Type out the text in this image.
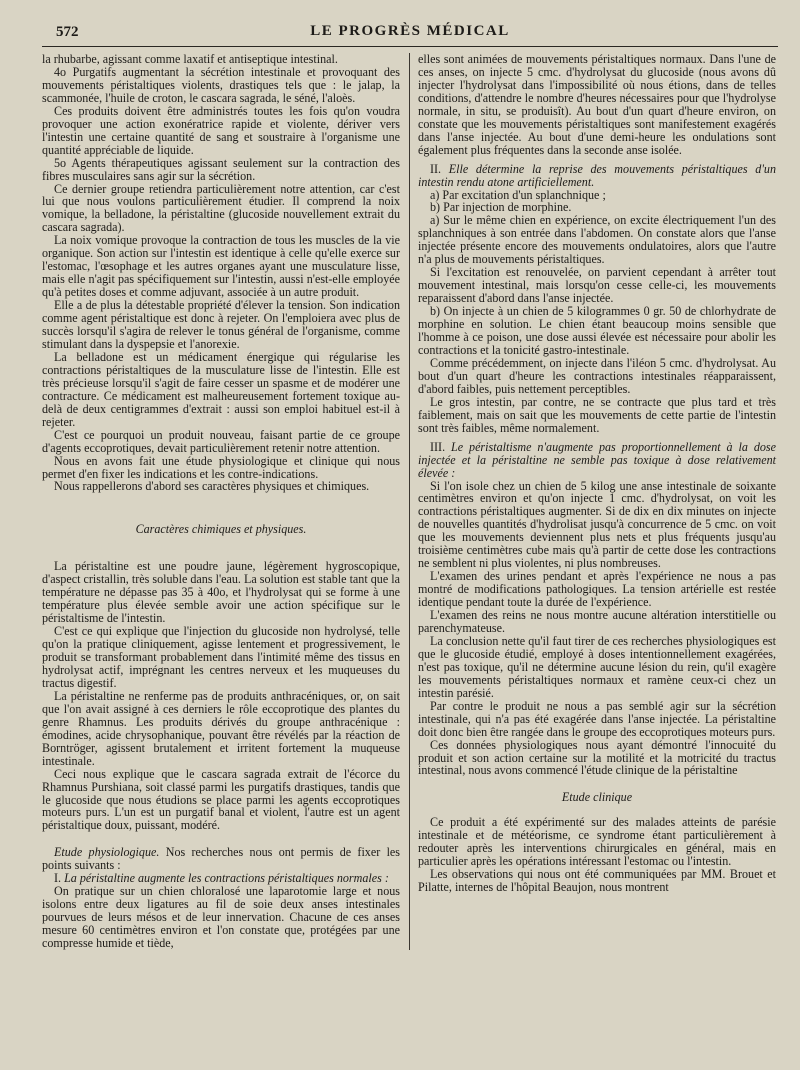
572	LE PROGRÈS MÉDICAL

la rhubarbe, agissant comme laxatif et antiseptique intestinal.

4o Purgatifs augmentant la sécrétion intestinale et provoquant des mouvements péristaltiques violents, drastiques tels que : le jalap, la scammonée, l'huile de croton, le cascara sagrada, le séné, l'aloès.

Ces produits doivent être administrés toutes les fois qu'on voudra provoquer une action exonératrice rapide et violente, dériver vers l'intestin une certaine quantité de sang et soustraire à l'organisme une quantité appréciable de liquide.

5o Agents thérapeutiques agissant seulement sur la contraction des fibres musculaires sans agir sur la sécrétion.

Ce dernier groupe retiendra particulièrement notre attention, car c'est lui que nous voulons particulièrement étudier. Il comprend la noix vomique, la belladone, la péristaltine (glucoside nouvellement extrait du cascara sagrada).

La noix vomique provoque la contraction de tous les muscles de la vie organique. Son action sur l'intestin est identique à celle qu'elle exerce sur l'estomac, l'œsophage et les autres organes ayant une musculature lisse, mais elle n'agit pas spécifiquement sur l'intestin, aussi n'est-elle employée qu'à petites doses et comme adjuvant, associée à un autre produit.

Elle a de plus la détestable propriété d'élever la tension. Son indication comme agent péristaltique est donc à rejeter. On l'emploiera avec plus de succès lorsqu'il s'agira de relever le tonus général de l'organisme, comme stimulant dans la dyspepsie et l'anorexie.

La belladone est un médicament énergique qui régularise les contractions péristaltiques de la musculature lisse de l'intestin. Elle est très précieuse lorsqu'il s'agit de faire cesser un spasme et de modérer une contracture. Ce médicament est malheureusement fortement toxique au-delà de deux centigrammes d'extrait : aussi son emploi habituel est-il à rejeter.

C'est ce pourquoi un produit nouveau, faisant partie de ce groupe d'agents eccoprotiques, devait particulièrement retenir notre attention.

Nous en avons fait une étude physiologique et clinique qui nous permet d'en fixer les indications et les contre-indications.

Nous rappellerons d'abord ses caractères physiques et chimiques.

Caractères chimiques et physiques.

La péristaltine est une poudre jaune, légèrement hygroscopique, d'aspect cristallin, très soluble dans l'eau. La solution est stable tant que la température ne dépasse pas 35 à 40o, et l'hydrolysat qui se forme à une température plus élevée semble avoir une action spécifique sur le péristaltisme de l'intestin.

C'est ce qui explique que l'injection du glucoside non hydrolysé, telle qu'on la pratique cliniquement, agisse lentement et progressivement, le produit se transformant probablement dans l'intimité même des tissus en hydrolysat actif, imprégnant les centres nerveux et les muqueuses du tractus digestif.

La péristaltine ne renferme pas de produits anthracéniques, or, on sait que l'on avait assigné à ces derniers le rôle eccoprotique des plantes du genre Rhamnus. Les produits dérivés du groupe anthracénique : émodines, acide chrysophanique, pouvant être révélés par la réaction de Borntröger, agissent brutalement et irritent fortement la muqueuse intestinale.

Ceci nous explique que le cascara sagrada extrait de l'écorce du Rhamnus Purshiana, soit classé parmi les purgatifs drastiques, tandis que le glucoside que nous étudions se place parmi les agents eccoprotiques moteurs purs. L'un est un purgatif banal et violent, l'autre est un agent péristaltique doux, puissant, modéré.

Etude physiologique. Nos recherches nous ont permis de fixer les points suivants :

I. La péristaltine augmente les contractions péristaltiques normales :

On pratique sur un chien chloralosé une laparotomie large et nous isolons entre deux ligatures au fil de soie deux anses intestinales pourvues de leurs mésos et de leur innervation. Chacune de ces anses mesure 60 centimètres environ et l'on constate que, protégées par une compresse humide et tiède,

elles sont animées de mouvements péristaltiques normaux. Dans l'une de ces anses, on injecte 5 cmc. d'hydrolysat du glucoside (nous avons dû injecter l'hydrolysat dans l'impossibilité où nous étions, dans de telles conditions, d'attendre le nombre d'heures nécessaires pour que l'hydrolyse normale, in situ, se produisît). Au bout d'un quart d'heure environ, on constate que les mouvements péristaltiques sont manifestement exagérés dans l'anse injectée. Au bout d'une demi-heure les ondulations sont également plus fréquentes dans la seconde anse isolée.

II. Elle détermine la reprise des mouvements péristaltiques d'un intestin rendu atone artificiellement.

a) Par excitation d'un splanchnique ;

b) Par injection de morphine.

a) Sur le même chien en expérience, on excite électriquement l'un des splanchniques à son entrée dans l'abdomen. On constate alors que l'anse injectée présente encore des mouvements ondulatoires, alors que l'autre n'a plus de mouvements péristaltiques.

Si l'excitation est renouvelée, on parvient cependant à arrêter tout mouvement intestinal, mais lorsqu'on cesse celle-ci, les mouvements reparaissent d'abord dans l'anse injectée.

b) On injecte à un chien de 5 kilogrammes 0 gr. 50 de chlorhydrate de morphine en solution. Le chien étant beaucoup moins sensible que l'homme à ce poison, une dose aussi élevée est nécessaire pour abolir les contractions et la tonicité gastro-intestinale.

Comme précédemment, on injecte dans l'iléon 5 cmc. d'hydrolysat. Au bout d'un quart d'heure les contractions intestinales réapparaissent, d'abord faibles, puis nettement perceptibles.

Le gros intestin, par contre, ne se contracte que plus tard et très faiblement, mais on sait que les mouvements de cette partie de l'intestin sont très faibles, même normalement.

III. Le péristaltisme n'augmente pas proportionnellement à la dose injectée et la péristaltine ne semble pas toxique à dose relativement élevée :

Si l'on isole chez un chien de 5 kilog une anse intestinale de soixante centimètres environ et qu'on injecte 1 cmc. d'hydrolysat, on voit les contractions péristaltiques augmenter. Si de dix en dix minutes on injecte de nouvelles quantités d'hydrolisat jusqu'à concurrence de 5 cmc. on voit que les mouvements deviennent plus nets et plus fréquents jusqu'au troisième centimètres cube mais qu'à partir de cette dose les contractions ne semblent ni plus violentes, ni plus nombreuses.

L'examen des urines pendant et après l'expérience ne nous a pas montré de modifications pathologiques. La tension artérielle est restée identique pendant toute la durée de l'expérience.

L'examen des reins ne nous montre aucune altération interstitielle ou parenchymateuse.

La conclusion nette qu'il faut tirer de ces recherches physiologiques est que le glucoside étudié, employé à doses intentionnellement exagérées, n'est pas toxique, qu'il ne détermine aucune lésion du rein, qu'il exagère les mouvements péristaltiques normaux et ramène ceux-ci chez un intestin parésié.

Par contre le produit ne nous a pas semblé agir sur la sécrétion intestinale, qui n'a pas été exagérée dans l'anse injectée. La péristaltine doit donc bien être rangée dans le groupe des eccoprotiques moteurs purs.

Ces données physiologiques nous ayant démontré l'innocuité du produit et son action certaine sur la motilité et la motricité du tractus intestinal, nous avons commencé l'étude clinique de la péristaltine

Etude clinique

Ce produit a été expérimenté sur des malades atteints de parésie intestinale et de météorisme, ce syndrome étant particulièrement à redouter après les interventions chirurgicales en général, mais en particulier après les opérations intéressant l'estomac ou l'intestin.

Les observations qui nous ont été communiquées par MM. Brouet et Pilatte, internes de l'hôpital Beaujon, nous montrent
